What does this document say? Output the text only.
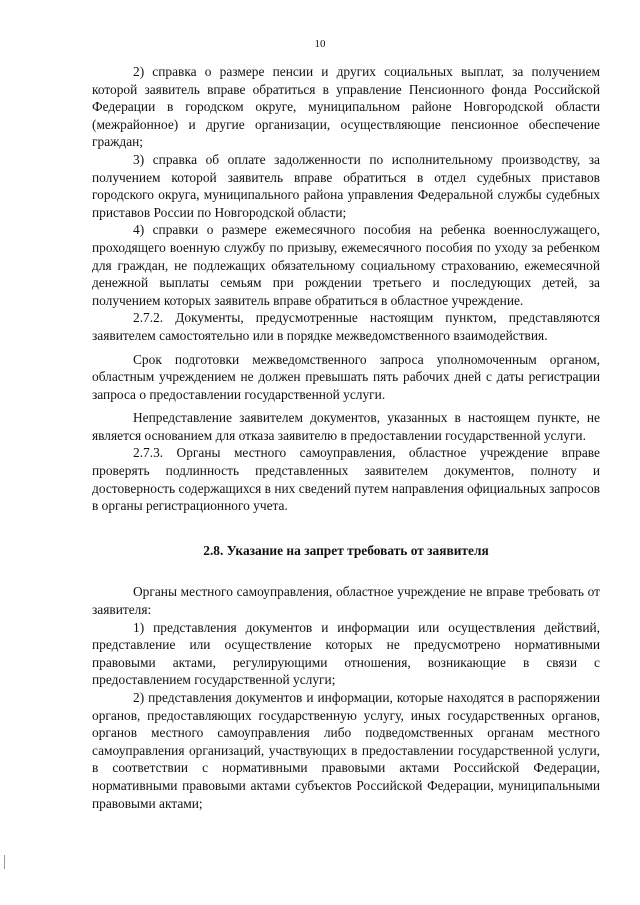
10

2) справка о размере пенсии и других социальных выплат, за получением которой заявитель вправе обратиться в управление Пенсионного фонда Российской Федерации в городском округе, муниципальном районе Новгородской области (межрайонное) и другие организации, осуществляющие пенсионное обеспечение граждан;

3) справка об оплате задолженности по исполнительному производству, за получением которой заявитель вправе обратиться в отдел судебных приставов городского округа, муниципального района управления Федеральной службы судебных приставов России по Новгородской области;

4) справки о размере ежемесячного пособия на ребенка военнослужащего, проходящего военную службу по призыву, ежемесячного пособия по уходу за ребенком для граждан, не подлежащих обязательному социальному страхованию, ежемесячной денежной выплаты семьям при рождении третьего и последующих детей, за получением которых заявитель вправе обратиться в областное учреждение.

2.7.2. Документы, предусмотренные настоящим пунктом, представляются заявителем самостоятельно или в порядке межведомственного взаимодействия.

Срок подготовки межведомственного запроса уполномоченным органом, областным учреждением не должен превышать пять рабочих дней с даты регистрации запроса о предоставлении государственной услуги.

Непредставление заявителем документов, указанных в настоящем пункте, не является основанием для отказа заявителю в предоставлении государственной услуги.

2.7.3. Органы местного самоуправления, областное учреждение вправе проверять подлинность представленных заявителем документов, полноту и достоверность содержащихся в них сведений путем направления официальных запросов в органы регистрационного учета.

2.8. Указание на запрет требовать от заявителя

Органы местного самоуправления, областное учреждение не вправе требовать от заявителя:

1) представления документов и информации или осуществления действий, представление или осуществление которых не предусмотрено нормативными правовыми актами, регулирующими отношения, возникающие в связи с предоставлением государственной услуги;

2) представления документов и информации, которые находятся в распоряжении органов, предоставляющих государственную услугу, иных государственных органов, органов местного самоуправления либо подведомственных органам местного самоуправления организаций, участвующих в предоставлении государственной услуги, в соответствии с нормативными правовыми актами Российской Федерации, нормативными правовыми актами субъектов Российской Федерации, муниципальными правовыми актами;
